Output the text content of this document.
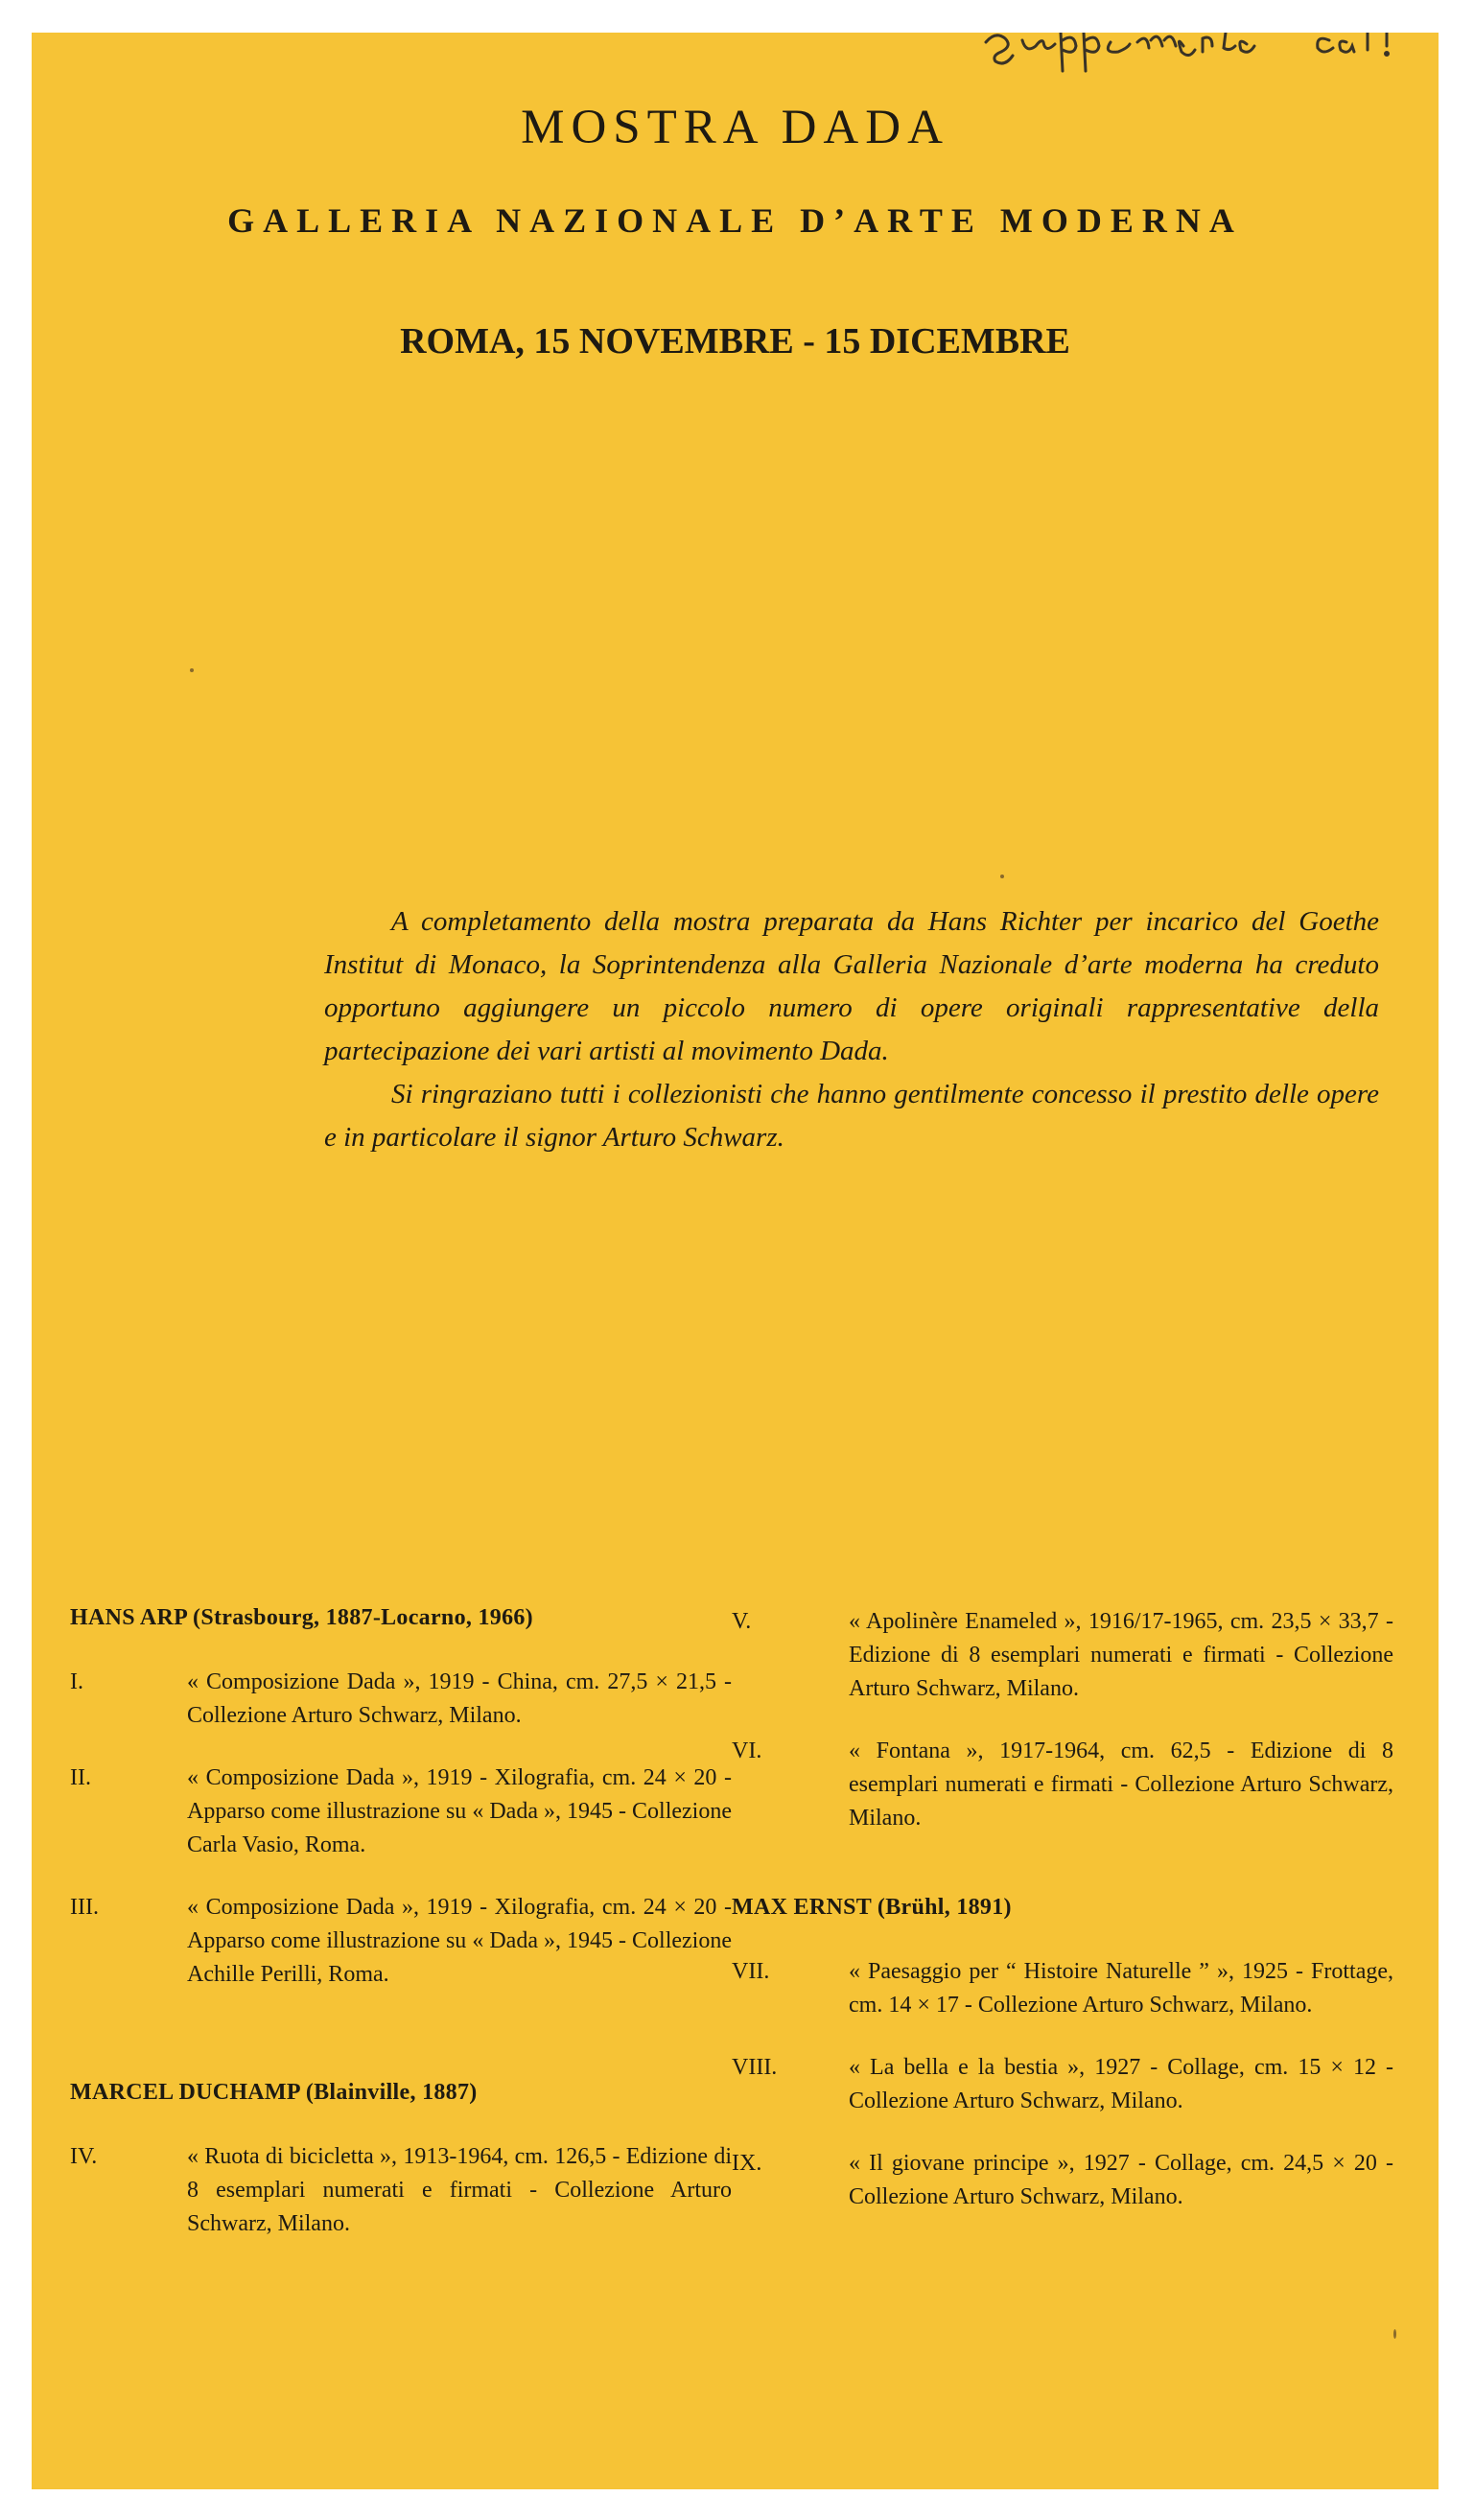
supplements cat.
MOSTRA DADA
GALLERIA NAZIONALE D’ARTE MODERNA
ROMA, 15 NOVEMBRE - 15 DICEMBRE

A completamento della mostra preparata da Hans Richter per incarico del Goethe Institut di Monaco, la Soprintendenza alla Galleria Nazionale d’arte moderna ha creduto opportuno aggiungere un piccolo numero di opere originali rappresentative della partecipazione dei vari artisti al movimento Dada.

Si ringraziano tutti i collezionisti che hanno gentilmente concesso il prestito delle opere e in particolare il signor Arturo Schwarz.

HANS ARP (Strasbourg, 1887-Locarno, 1966)
I.	« Composizione Dada », 1919 - China, cm. 27,5 × 21,5 - Collezione Arturo Schwarz, Milano.
II.	« Composizione Dada », 1919 - Xilografia, cm. 24 × 20 - Apparso come illustrazione su « Dada », 1945 - Collezione Carla Vasio, Roma.
III.	« Composizione Dada », 1919 - Xilografia, cm. 24 × 20 - Apparso come illustrazione su « Dada », 1945 - Collezione Achille Perilli, Roma.
MARCEL DUCHAMP (Blainville, 1887)
IV.	« Ruota di bicicletta », 1913-1964, cm. 126,5 - Edizione di 8 esemplari numerati e firmati - Collezione Arturo Schwarz, Milano.
V.	« Apolinère Enameled », 1916/17-1965, cm. 23,5 × 33,7 - Edizione di 8 esemplari numerati e firmati - Collezione Arturo Schwarz, Milano.
VI.	« Fontana », 1917-1964, cm. 62,5 - Edizione di 8 esemplari numerati e firmati - Collezione Arturo Schwarz, Milano.
MAX ERNST (Brühl, 1891)
VII.	« Paesaggio per “ Histoire Naturelle ” », 1925 - Frottage, cm. 14 × 17 - Collezione Arturo Schwarz, Milano.
VIII.	« La bella e la bestia », 1927 - Collage, cm. 15 × 12 - Collezione Arturo Schwarz, Milano.
IX.	« Il giovane principe », 1927 - Collage, cm. 24,5 × 20 - Collezione Arturo Schwarz, Milano.
